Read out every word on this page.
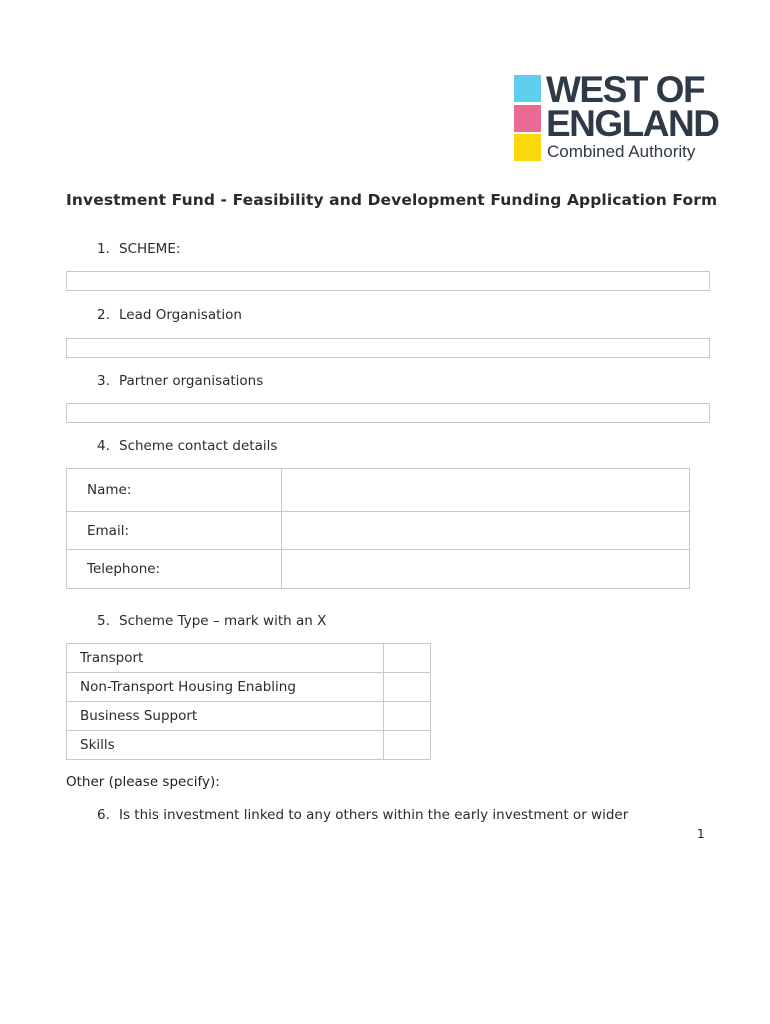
WEST OF
ENGLAND
Combined Authority
Investment Fund - Feasibility and Development Funding Application Form
1. SCHEME:
2. Lead Organisation
3. Partner organisations
4. Scheme contact details
Name:	
Email:	
Telephone:	
5. Scheme Type – mark with an X
Transport	
Non-Transport Housing Enabling	
Business Support	
Skills	
Other (please specify):
6. Is this investment linked to any others within the early investment or wider
1
